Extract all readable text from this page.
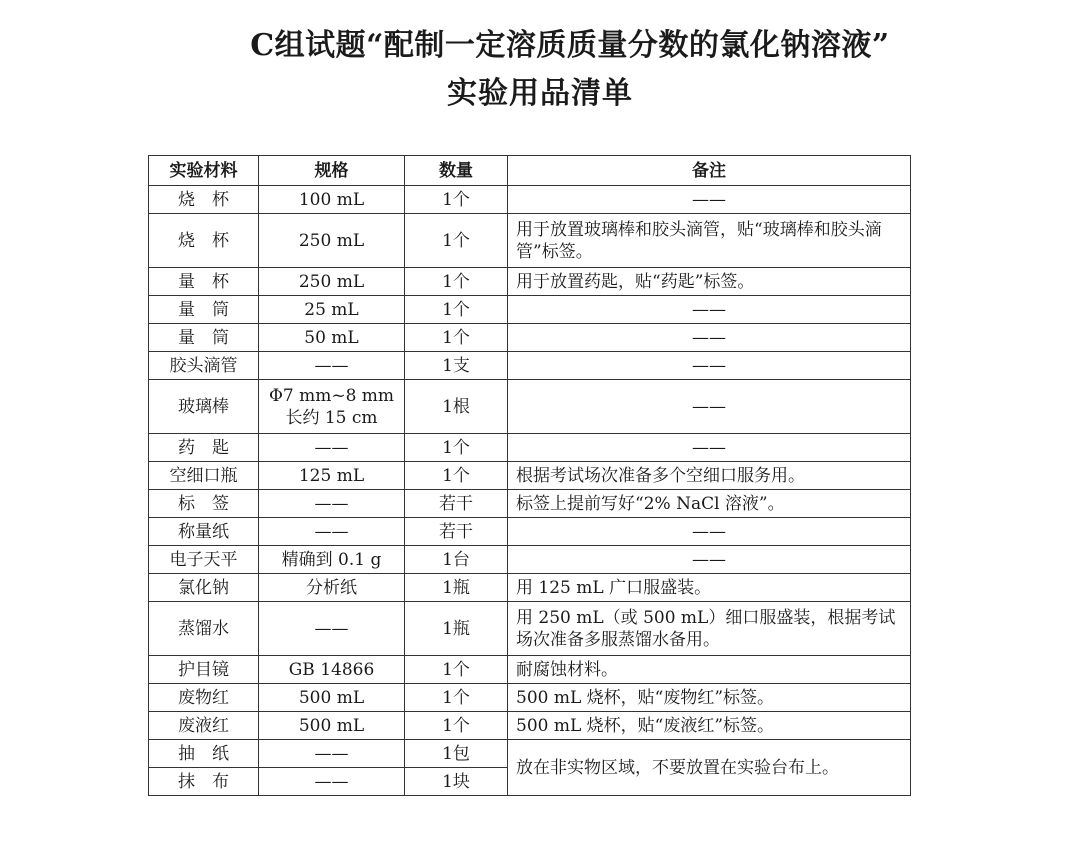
C组试题“配制一定溶质质量分数的氯化钠溶液”
实验用品清单
实验材料	规格	数量	备注
烧　杯	100 mL	1个	——
烧　杯	250 mL	1个	用于放置玻璃棒和胶头滴管，贴“玻璃棒和胶头滴管”标签。
量　杯	250 mL	1个	用于放置药匙，贴“药匙”标签。
量　筒	25 mL	1个	——
量　筒	50 mL	1个	——
胶头滴管	——	1支	——
玻璃棒	Φ7 mm~8 mm 长约 15 cm	1根	——
药　匙	——	1个	——
空细口瓶	125 mL	1个	根据考试场次准备多个空细口服务用。
标　签	——	若干	标签上提前写好“2% NaCl 溶液”。
称量纸	——	若干	——
电子天平	精确到 0.1 g	1台	——
氯化钠	分析纸	1瓶	用 125 mL 广口服盛装。
蒸馏水	——	1瓶	用 250 mL（或 500 mL）细口服盛装，根据考试场次准备多服蒸馏水备用。
护目镜	GB 14866	1个	耐腐蚀材料。
废物红	500 mL	1个	500 mL 烧杯，贴“废物红”标签。
废液红	500 mL	1个	500 mL 烧杯，贴“废液红”标签。
抽　纸	——	1包	放在非实物区域，不要放置在实验台布上。
抹　布	——	1块	
